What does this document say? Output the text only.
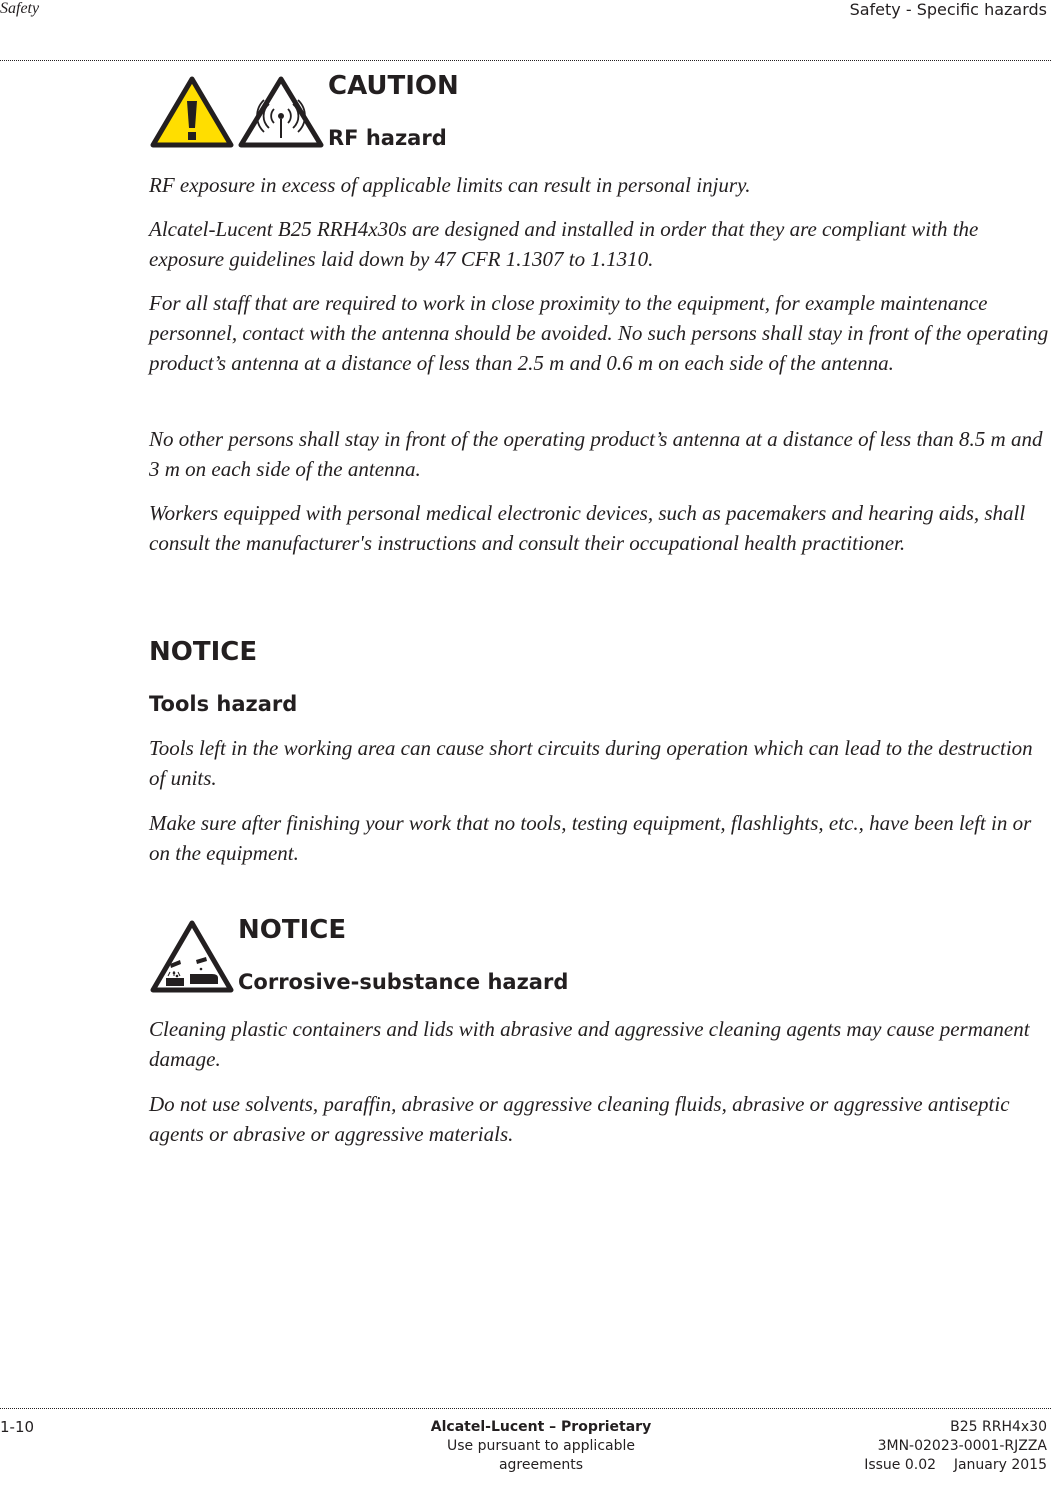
Safety	Safety - Specific hazards
CAUTION
RF hazard

RF exposure in excess of applicable limits can result in personal injury.

Alcatel-Lucent B25 RRH4x30s are designed and installed in order that they are compliant with the exposure guidelines laid down by 47 CFR 1.1307 to 1.1310.

For all staff that are required to work in close proximity to the equipment, for example maintenance personnel, contact with the antenna should be avoided. No such persons shall stay in front of the operating product’s antenna at a distance of less than 2.5 m and 0.6 m on each side of the antenna.

No other persons shall stay in front of the operating product’s antenna at a distance of less than 8.5 m and 3 m on each side of the antenna.

Workers equipped with personal medical electronic devices, such as pacemakers and hearing aids, shall consult the manufacturer's instructions and consult their occupational health practitioner.

NOTICE
Tools hazard

Tools left in the working area can cause short circuits during operation which can lead to the destruction of units.

Make sure after finishing your work that no tools, testing equipment, flashlights, etc., have been left in or on the equipment.

NOTICE
Corrosive-substance hazard

Cleaning plastic containers and lids with abrasive and aggressive cleaning agents may cause permanent damage.

Do not use solvents, paraffin, abrasive or aggressive cleaning fluids, abrasive or aggressive antiseptic agents or abrasive or aggressive materials.

1-10	Alcatel-Lucent – Proprietary
Use pursuant to applicable agreements
B25 RRH4x30
3MN-02023-0001-RJZZA
Issue 0.02    January 2015
